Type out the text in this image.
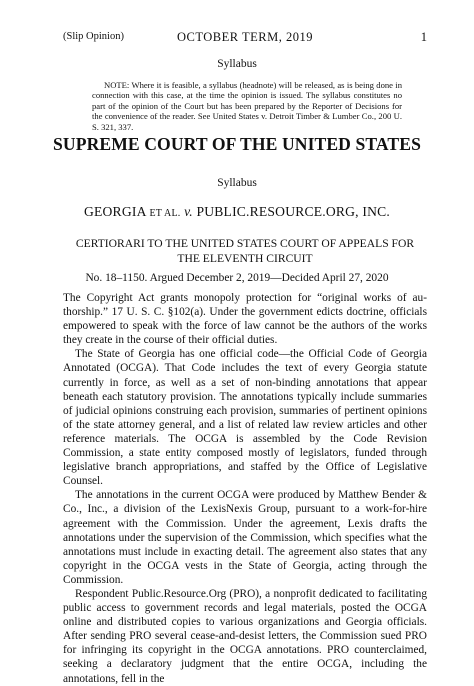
(Slip Opinion)	OCTOBER TERM, 2019	1
Syllabus

NOTE: Where it is feasible, a syllabus (headnote) will be released, as is being done in connection with this case, at the time the opinion is issued. The syllabus constitutes no part of the opinion of the Court but has been prepared by the Reporter of Decisions for the convenience of the reader. See United States v. Detroit Timber & Lumber Co., 200 U. S. 321, 337.

SUPREME COURT OF THE UNITED STATES
Syllabus
GEORGIA ET AL. v. PUBLIC.RESOURCE.ORG, INC.
CERTIORARI TO THE UNITED STATES COURT OF APPEALS FOR
THE ELEVENTH CIRCUIT
No. 18–1150. Argued December 2, 2019—Decided April 27, 2020

The Copyright Act grants monopoly protection for “original works of authorship.” 17 U. S. C. §102(a). Under the government edicts doctrine, officials empowered to speak with the force of law cannot be the authors of the works they create in the course of their official duties.

The State of Georgia has one official code—the Official Code of Georgia Annotated (OCGA). That Code includes the text of every Georgia statute currently in force, as well as a set of non-binding annotations that appear beneath each statutory provision. The annotations typically include summaries of judicial opinions construing each provision, summaries of pertinent opinions of the state attorney general, and a list of related law review articles and other reference materials. The OCGA is assembled by the Code Revision Commission, a state entity composed mostly of legislators, funded through legislative branch appropriations, and staffed by the Office of Legislative Counsel.

The annotations in the current OCGA were produced by Matthew Bender & Co., Inc., a division of the LexisNexis Group, pursuant to a work-for-hire agreement with the Commission. Under the agreement, Lexis drafts the annotations under the supervision of the Commission, which specifies what the annotations must include in exacting detail. The agreement also states that any copyright in the OCGA vests in the State of Georgia, acting through the Commission.

Respondent Public.Resource.Org (PRO), a nonprofit dedicated to facilitating public access to government records and legal materials, posted the OCGA online and distributed copies to various organizations and Georgia officials. After sending PRO several cease-and-desist letters, the Commission sued PRO for infringing its copyright in the OCGA annotations. PRO counterclaimed, seeking a declaratory judgment that the entire OCGA, including the annotations, fell in the
